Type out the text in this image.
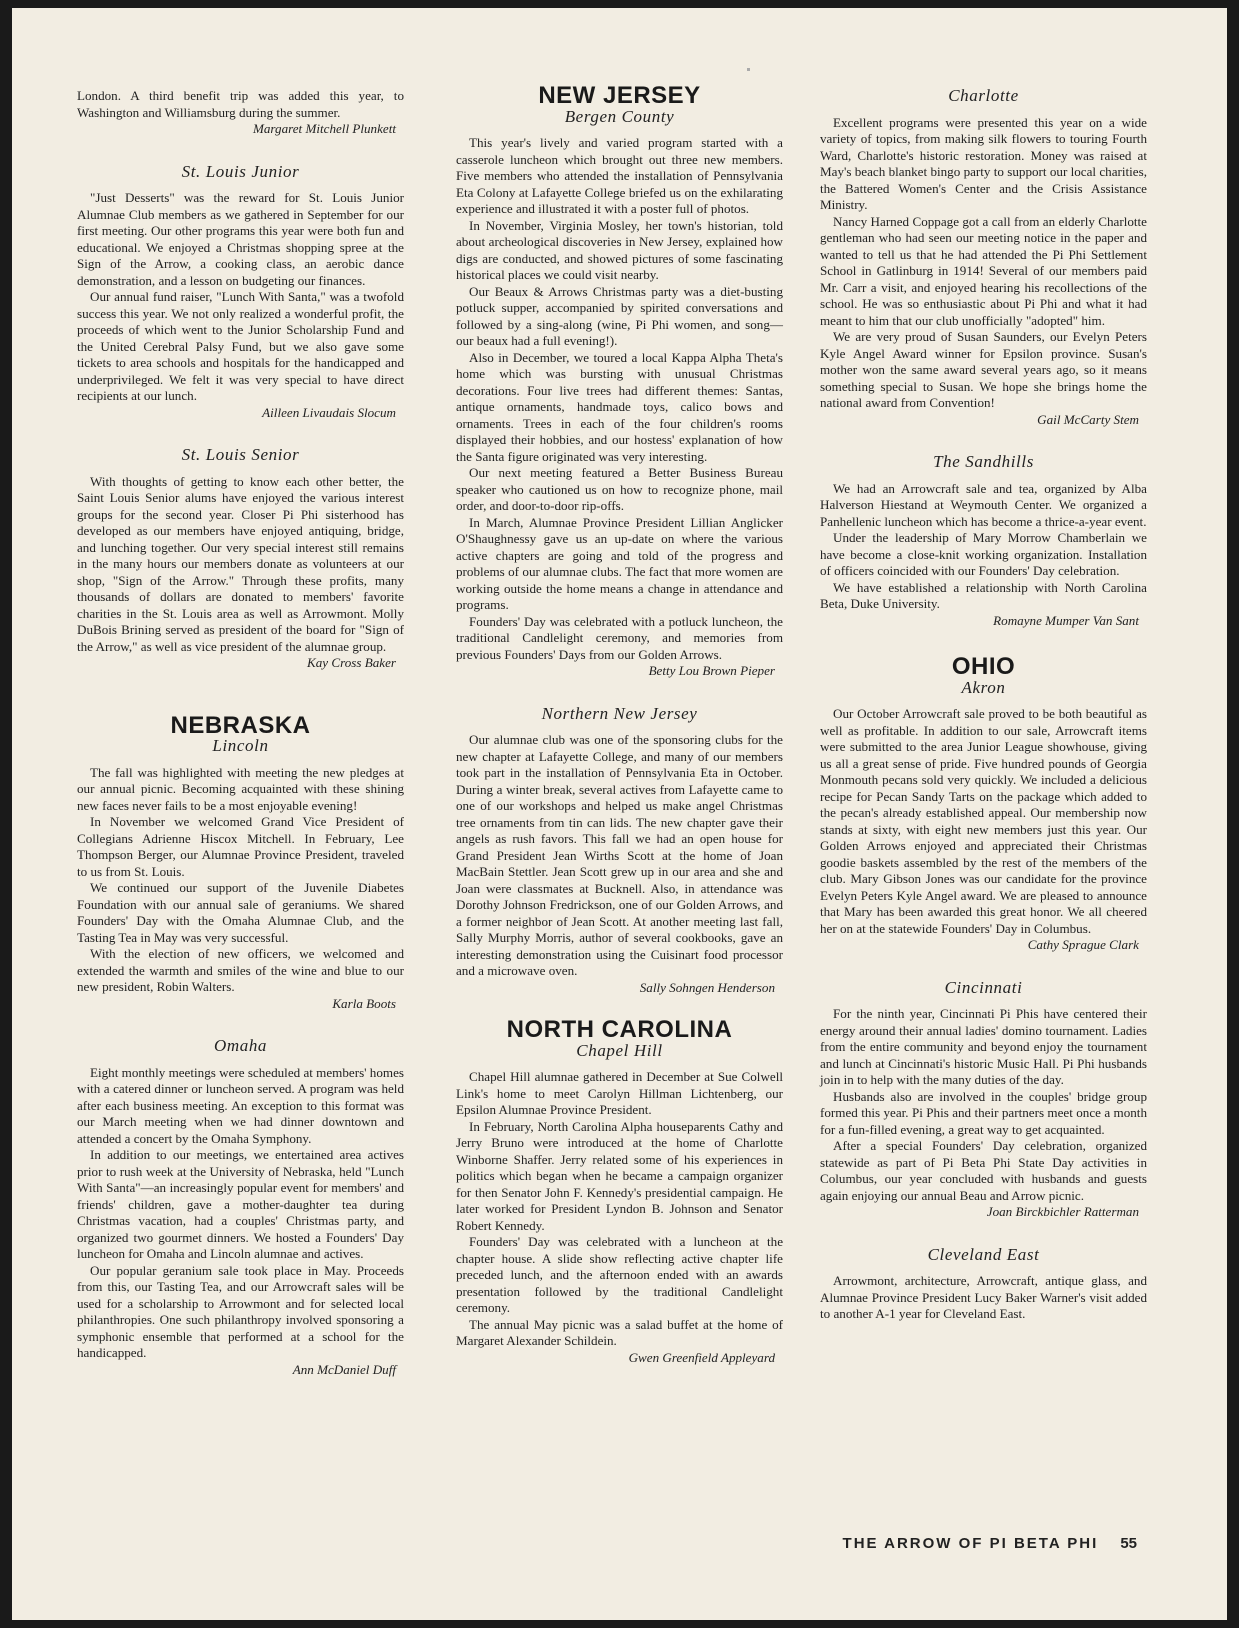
London. A third benefit trip was added this year, to Washington and Williamsburg during the summer.

Margaret Mitchell Plunkett

St. Louis Junior

"Just Desserts" was the reward for St. Louis Junior Alumnae Club members as we gathered in September for our first meeting. Our other programs this year were both fun and educational. We enjoyed a Christmas shopping spree at the Sign of the Arrow, a cooking class, an aerobic dance demonstration, and a lesson on budgeting our finances.

Our annual fund raiser, "Lunch With Santa," was a twofold success this year. We not only realized a wonderful profit, the proceeds of which went to the Junior Scholarship Fund and the United Cerebral Palsy Fund, but we also gave some tickets to area schools and hospitals for the handicapped and underprivileged. We felt it was very special to have direct recipients at our lunch.

Ailleen Livaudais Slocum

St. Louis Senior

With thoughts of getting to know each other better, the Saint Louis Senior alums have enjoyed the various interest groups for the second year. Closer Pi Phi sisterhood has developed as our members have enjoyed antiquing, bridge, and lunching together. Our very special interest still remains in the many hours our members donate as volunteers at our shop, "Sign of the Arrow." Through these profits, many thousands of dollars are donated to members' favorite charities in the St. Louis area as well as Arrowmont. Molly DuBois Brining served as president of the board for "Sign of the Arrow," as well as vice president of the alumnae group.

Kay Cross Baker

NEBRASKA
Lincoln

The fall was highlighted with meeting the new pledges at our annual picnic. Becoming acquainted with these shining new faces never fails to be a most enjoyable evening!

In November we welcomed Grand Vice President of Collegians Adrienne Hiscox Mitchell. In February, Lee Thompson Berger, our Alumnae Province President, traveled to us from St. Louis.

We continued our support of the Juvenile Diabetes Foundation with our annual sale of geraniums. We shared Founders' Day with the Omaha Alumnae Club, and the Tasting Tea in May was very successful.

With the election of new officers, we welcomed and extended the warmth and smiles of the wine and blue to our new president, Robin Walters.

Karla Boots

Omaha

Eight monthly meetings were scheduled at members' homes with a catered dinner or luncheon served. A program was held after each business meeting. An exception to this format was our March meeting when we had dinner downtown and attended a concert by the Omaha Symphony.

In addition to our meetings, we entertained area actives prior to rush week at the University of Nebraska, held "Lunch With Santa"—an increasingly popular event for members' and friends' children, gave a mother-daughter tea during Christmas vacation, had a couples' Christmas party, and organized two gourmet dinners. We hosted a Founders' Day luncheon for Omaha and Lincoln alumnae and actives.

Our popular geranium sale took place in May. Proceeds from this, our Tasting Tea, and our Arrowcraft sales will be used for a scholarship to Arrowmont and for selected local philanthropies. One such philanthropy involved sponsoring a symphonic ensemble that performed at a school for the handicapped.

Ann McDaniel Duff

NEW JERSEY
Bergen County

This year's lively and varied program started with a casserole luncheon which brought out three new members. Five members who attended the installation of Pennsylvania Eta Colony at Lafayette College briefed us on the exhilarating experience and illustrated it with a poster full of photos.

In November, Virginia Mosley, her town's historian, told about archeological discoveries in New Jersey, explained how digs are conducted, and showed pictures of some fascinating historical places we could visit nearby.

Our Beaux & Arrows Christmas party was a diet-busting potluck supper, accompanied by spirited conversations and followed by a sing-along (wine, Pi Phi women, and song—our beaux had a full evening!).

Also in December, we toured a local Kappa Alpha Theta's home which was bursting with unusual Christmas decorations. Four live trees had different themes: Santas, antique ornaments, handmade toys, calico bows and ornaments. Trees in each of the four children's rooms displayed their hobbies, and our hostess' explanation of how the Santa figure originated was very interesting.

Our next meeting featured a Better Business Bureau speaker who cautioned us on how to recognize phone, mail order, and door-to-door rip-offs.

In March, Alumnae Province President Lillian Anglicker O'Shaughnessy gave us an up-date on where the various active chapters are going and told of the progress and problems of our alumnae clubs. The fact that more women are working outside the home means a change in attendance and programs.

Founders' Day was celebrated with a potluck luncheon, the traditional Candlelight ceremony, and memories from previous Founders' Days from our Golden Arrows.

Betty Lou Brown Pieper

Northern New Jersey

Our alumnae club was one of the sponsoring clubs for the new chapter at Lafayette College, and many of our members took part in the installation of Pennsylvania Eta in October. During a winter break, several actives from Lafayette came to one of our workshops and helped us make angel Christmas tree ornaments from tin can lids. The new chapter gave their angels as rush favors. This fall we had an open house for Grand President Jean Wirths Scott at the home of Joan MacBain Stettler. Jean Scott grew up in our area and she and Joan were classmates at Bucknell. Also, in attendance was Dorothy Johnson Fredrickson, one of our Golden Arrows, and a former neighbor of Jean Scott. At another meeting last fall, Sally Murphy Morris, author of several cookbooks, gave an interesting demonstration using the Cuisinart food processor and a microwave oven.

Sally Sohngen Henderson

NORTH CAROLINA
Chapel Hill

Chapel Hill alumnae gathered in December at Sue Colwell Link's home to meet Carolyn Hillman Lichtenberg, our Epsilon Alumnae Province President.

In February, North Carolina Alpha houseparents Cathy and Jerry Bruno were introduced at the home of Charlotte Winborne Shaffer. Jerry related some of his experiences in politics which began when he became a campaign organizer for then Senator John F. Kennedy's presidential campaign. He later worked for President Lyndon B. Johnson and Senator Robert Kennedy.

Founders' Day was celebrated with a luncheon at the chapter house. A slide show reflecting active chapter life preceded lunch, and the afternoon ended with an awards presentation followed by the traditional Candlelight ceremony.

The annual May picnic was a salad buffet at the home of Margaret Alexander Schildein.

Gwen Greenfield Appleyard

Charlotte

Excellent programs were presented this year on a wide variety of topics, from making silk flowers to touring Fourth Ward, Charlotte's historic restoration. Money was raised at May's beach blanket bingo party to support our local charities, the Battered Women's Center and the Crisis Assistance Ministry.

Nancy Harned Coppage got a call from an elderly Charlotte gentleman who had seen our meeting notice in the paper and wanted to tell us that he had attended the Pi Phi Settlement School in Gatlinburg in 1914! Several of our members paid Mr. Carr a visit, and enjoyed hearing his recollections of the school. He was so enthusiastic about Pi Phi and what it had meant to him that our club unofficially "adopted" him.

We are very proud of Susan Saunders, our Evelyn Peters Kyle Angel Award winner for Epsilon province. Susan's mother won the same award several years ago, so it means something special to Susan. We hope she brings home the national award from Convention!

Gail McCarty Stem

The Sandhills

We had an Arrowcraft sale and tea, organized by Alba Halverson Hiestand at Weymouth Center. We organized a Panhellenic luncheon which has become a thrice-a-year event.

Under the leadership of Mary Morrow Chamberlain we have become a close-knit working organization. Installation of officers coincided with our Founders' Day celebration.

We have established a relationship with North Carolina Beta, Duke University.

Romayne Mumper Van Sant

OHIO
Akron

Our October Arrowcraft sale proved to be both beautiful as well as profitable. In addition to our sale, Arrowcraft items were submitted to the area Junior League showhouse, giving us all a great sense of pride. Five hundred pounds of Georgia Monmouth pecans sold very quickly. We included a delicious recipe for Pecan Sandy Tarts on the package which added to the pecan's already established appeal. Our membership now stands at sixty, with eight new members just this year. Our Golden Arrows enjoyed and appreciated their Christmas goodie baskets assembled by the rest of the members of the club. Mary Gibson Jones was our candidate for the province Evelyn Peters Kyle Angel award. We are pleased to announce that Mary has been awarded this great honor. We all cheered her on at the statewide Founders' Day in Columbus.

Cathy Sprague Clark

Cincinnati

For the ninth year, Cincinnati Pi Phis have centered their energy around their annual ladies' domino tournament. Ladies from the entire community and beyond enjoy the tournament and lunch at Cincinnati's historic Music Hall. Pi Phi husbands join in to help with the many duties of the day.

Husbands also are involved in the couples' bridge group formed this year. Pi Phis and their partners meet once a month for a fun-filled evening, a great way to get acquainted.

After a special Founders' Day celebration, organized statewide as part of Pi Beta Phi State Day activities in Columbus, our year concluded with husbands and guests again enjoying our annual Beau and Arrow picnic.

Joan Birckbichler Ratterman

Cleveland East

Arrowmont, architecture, Arrowcraft, antique glass, and Alumnae Province President Lucy Baker Warner's visit added to another A-1 year for Cleveland East.

THE ARROW OF PI BETA PHI 55
